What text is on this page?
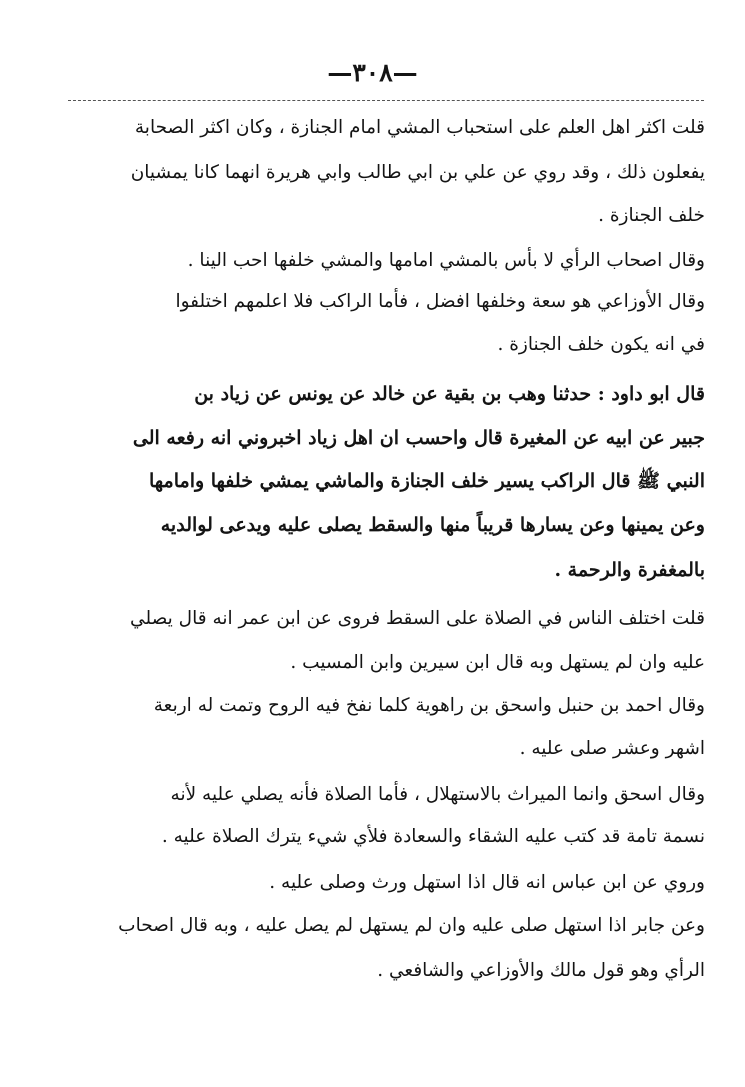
—٣٠٨—
قلت اكثر اهل العلم على استحباب المشي امام الجنازة ، وكان اكثر الصحابة
يفعلون ذلك ، وقد روي عن علي بن ابي طالب وابي هريرة انهما كانا يمشيان
خلف الجنازة .
وقال اصحاب الرأي لا بأس بالمشي امامها والمشي خلفها احب الينا .
وقال الأوزاعي هو سعة وخلفها افضل ، فأما الراكب فلا اعلمهم اختلفوا
في انه يكون خلف الجنازة .
قال ابو داود : حدثنا وهب بن بقية عن خالد عن يونس عن زياد بن
جبير عن ابيه عن المغيرة قال واحسب ان اهل زياد اخبروني انه رفعه الى
النبي ﷺ قال الراكب يسير خلف الجنازة والماشي يمشي خلفها وامامها
وعن يمينها وعن يسارها قريباً منها والسقط يصلى عليه ويدعى لوالديه
بالمغفرة والرحمة .
قلت اختلف الناس في الصلاة على السقط فروى عن ابن عمر انه قال يصلي
عليه وان لم يستهل وبه قال ابن سيرين وابن المسيب .
وقال احمد بن حنبل واسحق بن راهوية كلما نفخ فيه الروح وتمت له اربعة
اشهر وعشر صلى عليه .
وقال اسحق وانما الميراث بالاستهلال ، فأما الصلاة فأنه يصلي عليه لأنه
نسمة تامة قد كتب عليه الشقاء والسعادة فلأي شيء يترك الصلاة عليه .
وروي عن ابن عباس انه قال اذا استهل ورث وصلى عليه .
وعن جابر اذا استهل صلى عليه وان لم يستهل لم يصل عليه ، وبه قال اصحاب
الرأي وهو قول مالك والأوزاعي والشافعي .
